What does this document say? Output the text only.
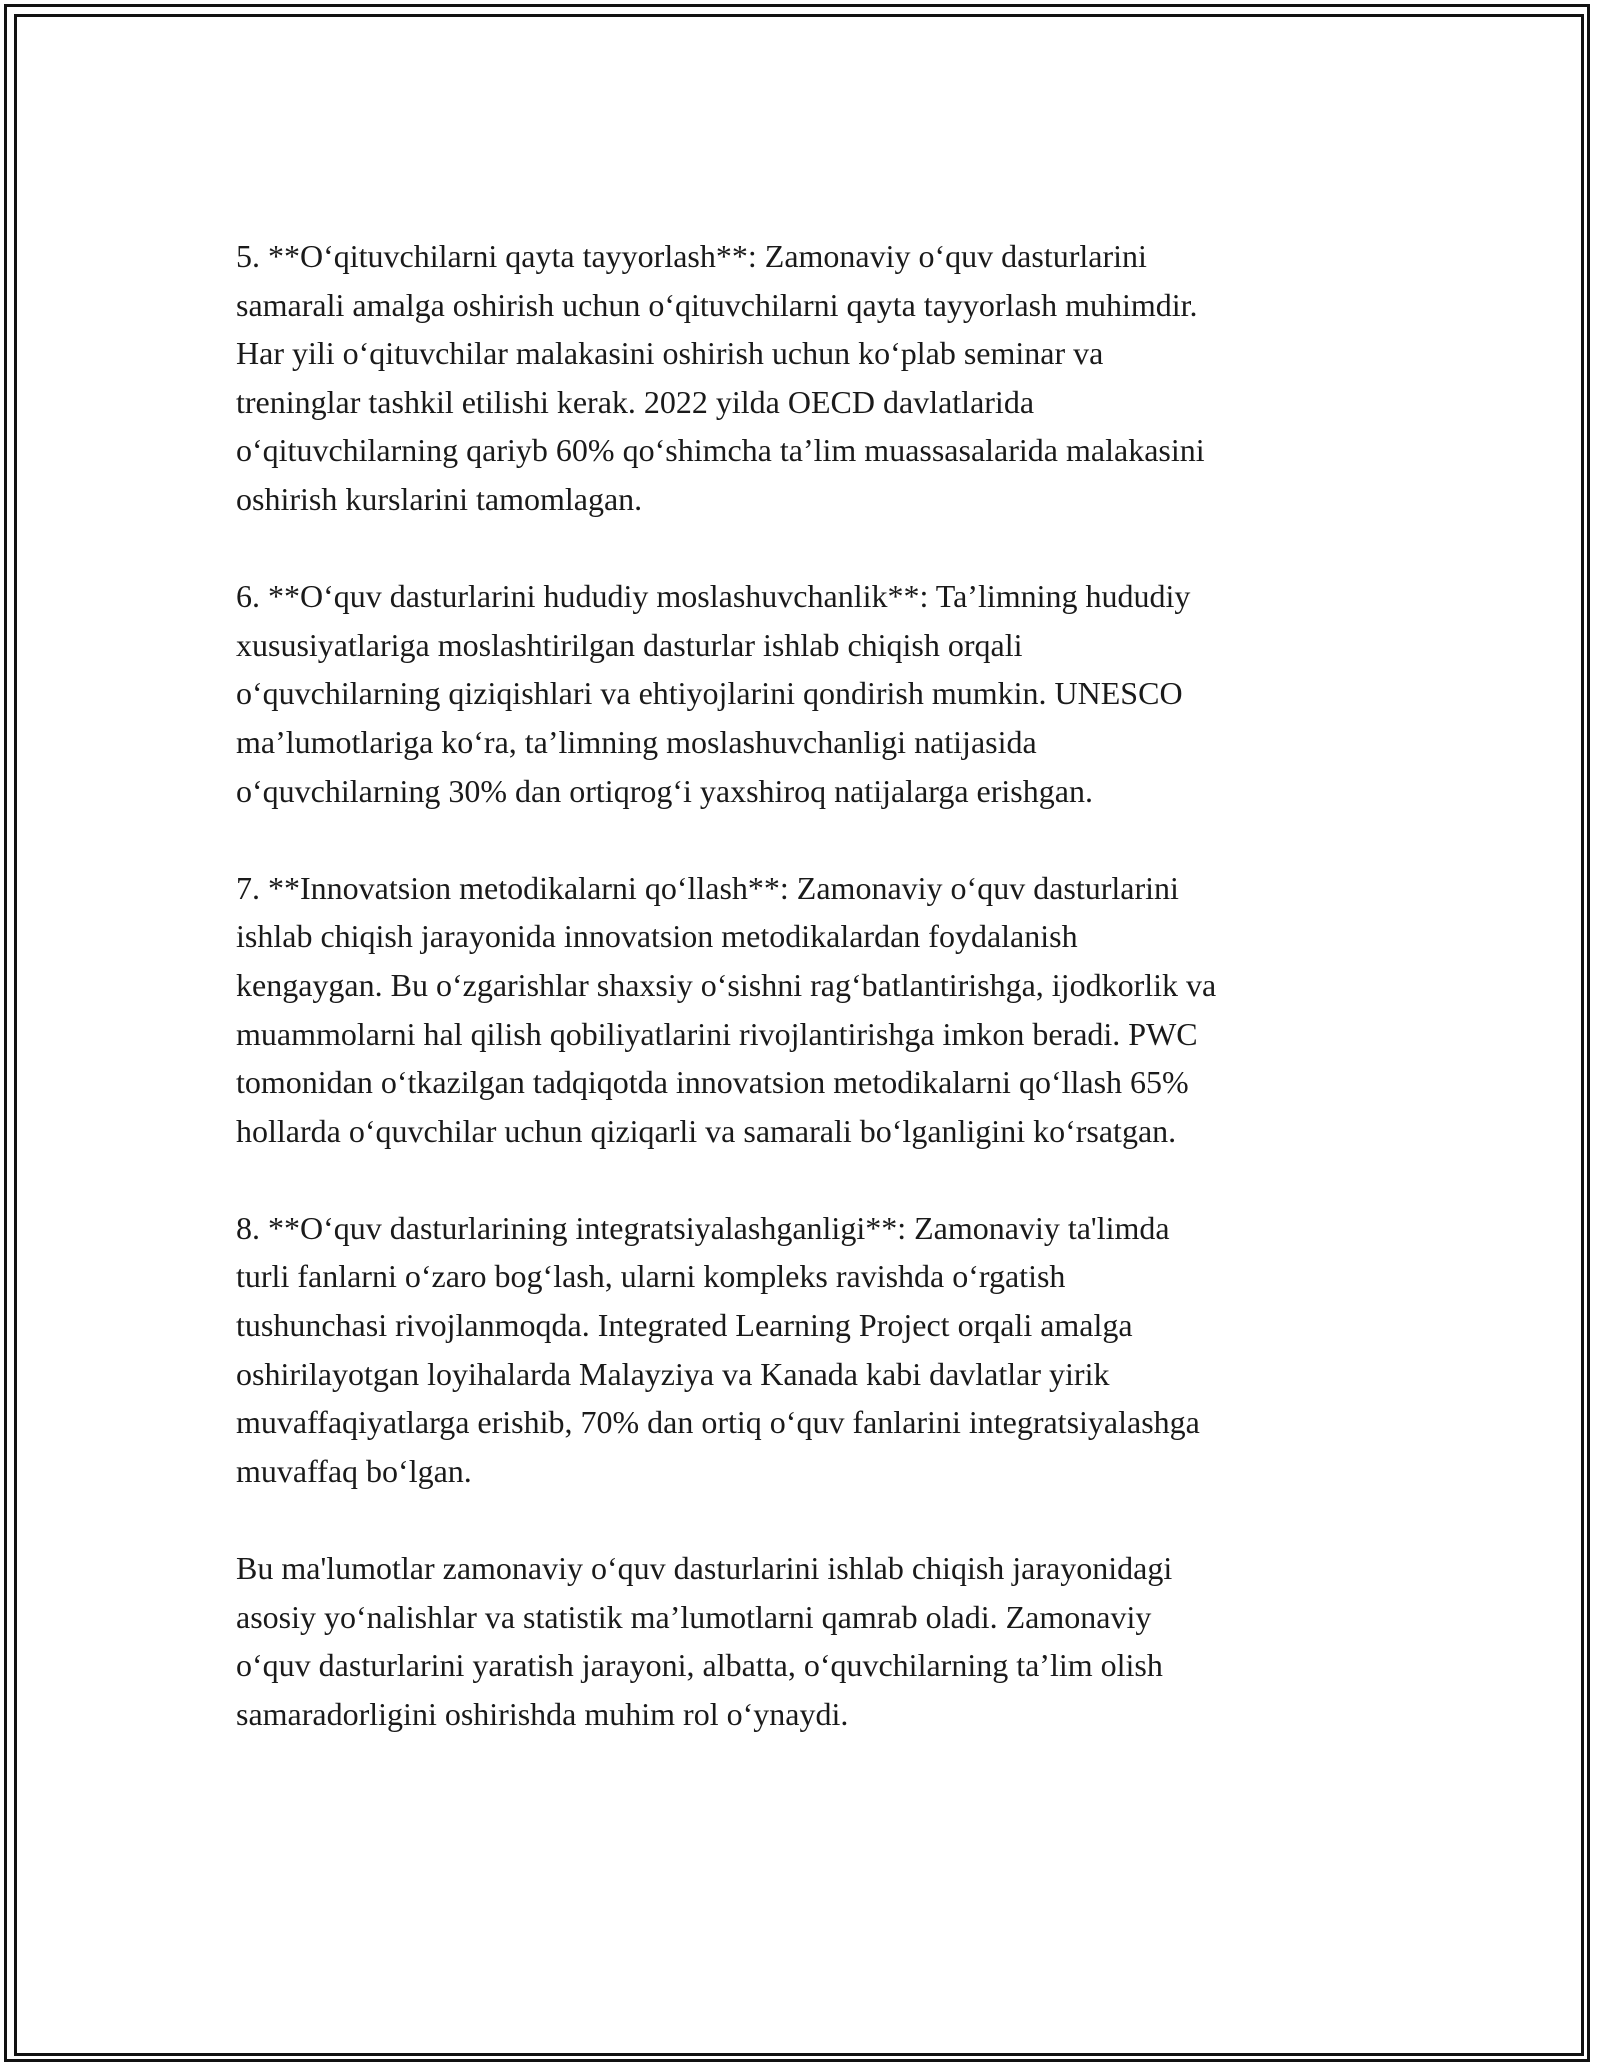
5. **O‘qituvchilarni qayta tayyorlash**: Zamonaviy o‘quv dasturlarini
samarali amalga oshirish uchun o‘qituvchilarni qayta tayyorlash muhimdir.
Har yili o‘qituvchilar malakasini oshirish uchun ko‘plab seminar va
treninglar tashkil etilishi kerak. 2022 yilda OECD davlatlarida
o‘qituvchilarning qariyb 60% qo‘shimcha ta’lim muassasalarida malakasini
oshirish kurslarini tamomlagan.

6. **O‘quv dasturlarini hududiy moslashuvchanlik**: Ta’limning hududiy
xususiyatlariga moslashtirilgan dasturlar ishlab chiqish orqali
o‘quvchilarning qiziqishlari va ehtiyojlarini qondirish mumkin. UNESCO
ma’lumotlariga ko‘ra, ta’limning moslashuvchanligi natijasida
o‘quvchilarning 30% dan ortiqrog‘i yaxshiroq natijalarga erishgan.

7. **Innovatsion metodikalarni qo‘llash**: Zamonaviy o‘quv dasturlarini
ishlab chiqish jarayonida innovatsion metodikalardan foydalanish
kengaygan. Bu o‘zgarishlar shaxsiy o‘sishni rag‘batlantirishga, ijodkorlik va
muammolarni hal qilish qobiliyatlarini rivojlantirishga imkon beradi. PWC
tomonidan o‘tkazilgan tadqiqotda innovatsion metodikalarni qo‘llash 65%
hollarda o‘quvchilar uchun qiziqarli va samarali bo‘lganligini ko‘rsatgan.

8. **O‘quv dasturlarining integratsiyalashganligi**: Zamonaviy ta'limda
turli fanlarni o‘zaro bog‘lash, ularni kompleks ravishda o‘rgatish
tushunchasi rivojlanmoqda. Integrated Learning Project orqali amalga
oshirilayotgan loyihalarda Malayziya va Kanada kabi davlatlar yirik
muvaffaqiyatlarga erishib, 70% dan ortiq o‘quv fanlarini integratsiyalashga
muvaffaq bo‘lgan.

Bu ma'lumotlar zamonaviy o‘quv dasturlarini ishlab chiqish jarayonidagi
asosiy yo‘nalishlar va statistik ma’lumotlarni qamrab oladi. Zamonaviy
o‘quv dasturlarini yaratish jarayoni, albatta, o‘quvchilarning ta’lim olish
samaradorligini oshirishda muhim rol o‘ynaydi.
